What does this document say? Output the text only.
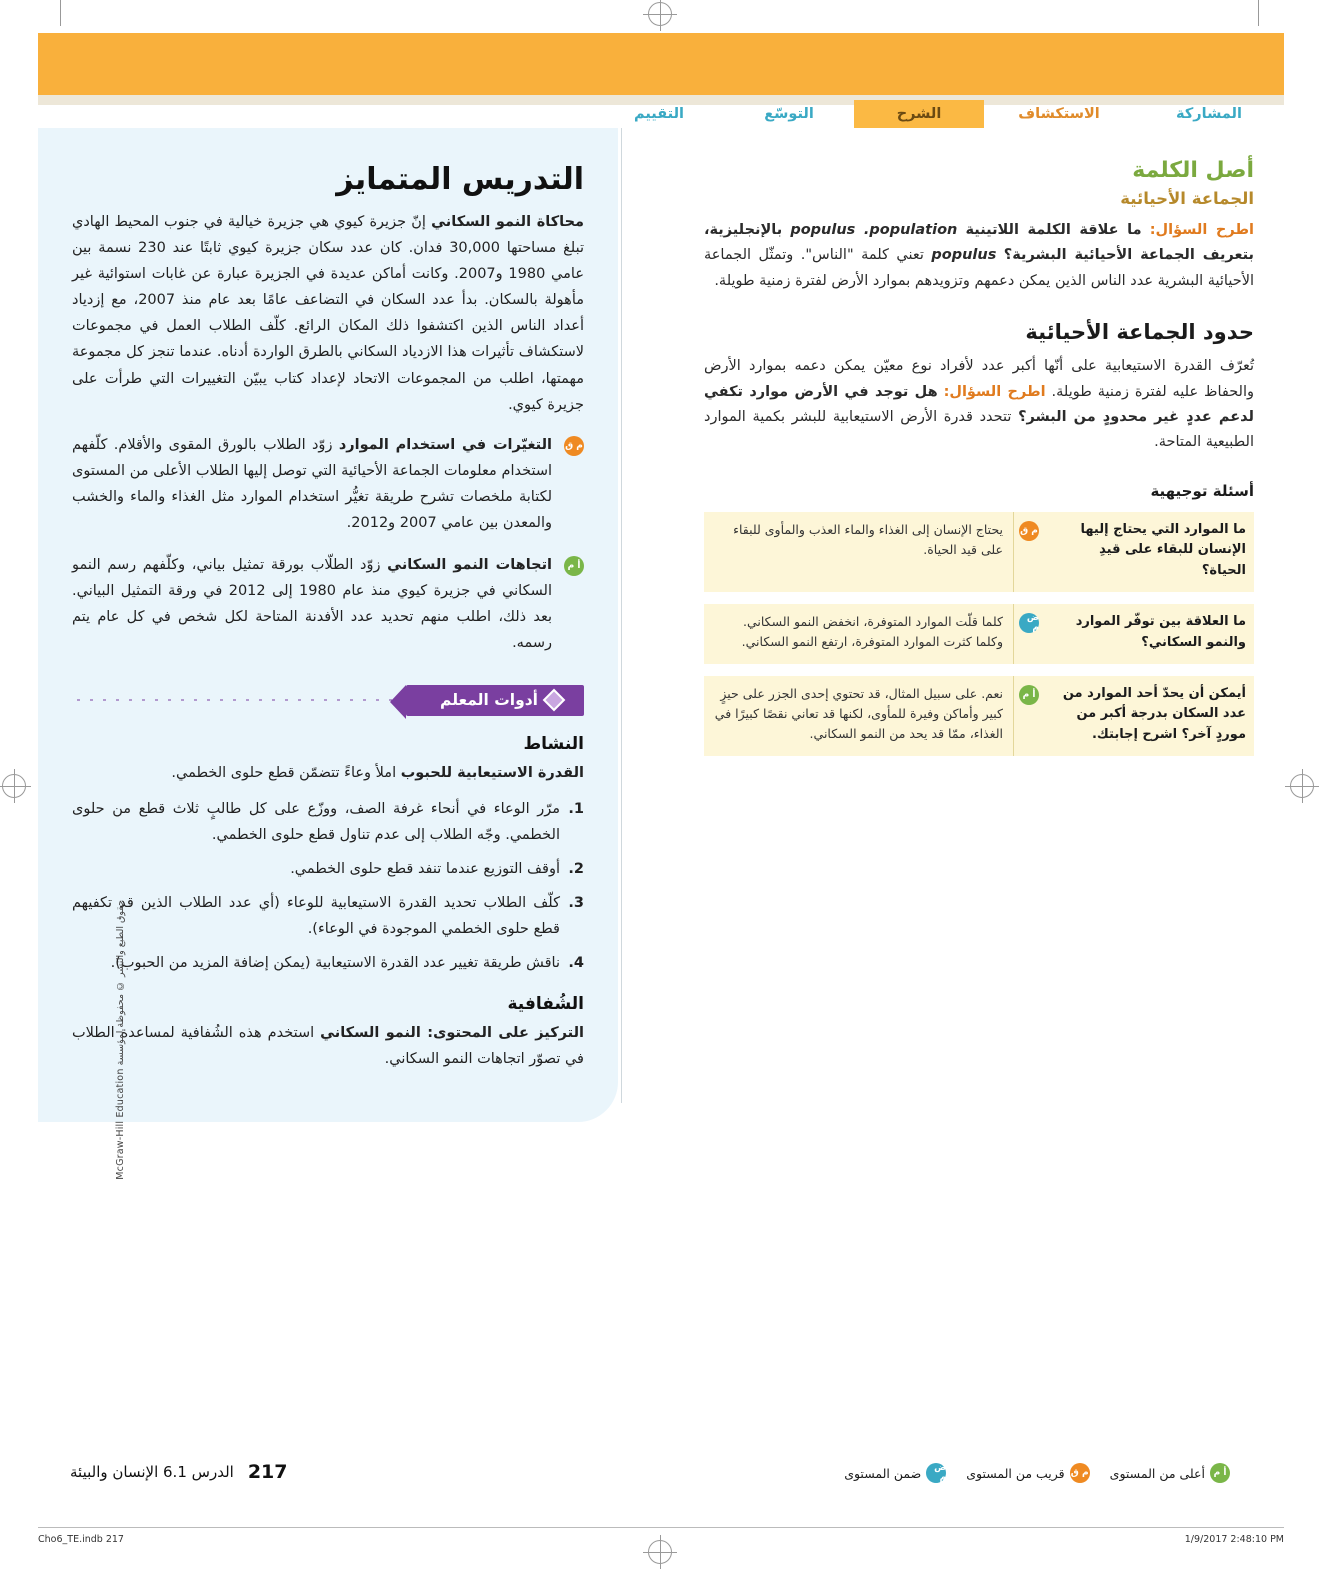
المشاركة
الاستكشاف
الشرح
التوسّع
التقييم
أصل الكلمة
الجماعة الأحيائية

اطرح السؤال: ما علاقة الكلمة اللاتينية populus .population بالإنجليزية، بتعريف الجماعة الأحيائية البشرية؟ populus تعني كلمة "الناس". وتمثّل الجماعة الأحيائية البشرية عدد الناس الذين يمكن دعمهم وتزويدهم بموارد الأرض لفترة زمنية طويلة.

حدود الجماعة الأحيائية

تُعرّف القدرة الاستيعابية على أنّها أكبر عدد لأفراد نوع معيّن يمكن دعمه بموارد الأرض والحفاظ عليه لفترة زمنية طويلة. اطرح السؤال: هل توجد في الأرض موارد تكفي لدعم عددٍ غير محدودٍ من البشر؟ تتحدد قدرة الأرض الاستيعابية للبشر بكمية الموارد الطبيعية المتاحة.

أسئلة توجيهية
ما الموارد التي يحتاج إليها الإنسان للبقاء على قيدِ الحياة؟
م ق
يحتاج الإنسان إلى الغذاء والماء العذب والمأوى للبقاء على قيد الحياة.
ما العلاقة بين توفّر الموارد والنمو السكاني؟
ض م
كلما قلّت الموارد المتوفرة، انخفض النمو السكاني. وكلما كثرت الموارد المتوفرة، ارتفع النمو السكاني.
أيمكن أن يحدّ أحد الموارد من عدد السكان بدرجة أكبر من موردٍ آخر؟ اشرح إجابتك.
أ م
نعم. على سبيل المثال، قد تحتوي إحدى الجزر على حيزٍ كبير وأماكن وفيرة للمأوى، لكنها قد تعاني نقصًا كبيرًا في الغذاء، ممّا قد يحد من النمو السكاني.
التدريس المتمايز

محاكاة النمو السكاني إنّ جزيرة كيوي هي جزيرة خيالية في جنوب المحيط الهادي تبلغ مساحتها 30,000 فدان. كان عدد سكان جزيرة كيوي ثابتًا عند 230 نسمة بين عامي 1980 و2007. وكانت أماكن عديدة في الجزيرة عبارة عن غابات استوائية غير مأهولة بالسكان. بدأ عدد السكان في التضاعف عامًا بعد عام منذ 2007، مع إزدياد أعداد الناس الذين اكتشفوا ذلك المكان الرائع. كلّف الطلاب العمل في مجموعات لاستكشاف تأثيرات هذا الازدياد السكاني بالطرق الواردة أدناه. عندما تنجز كل مجموعة مهمتها، اطلب من المجموعات الاتحاد لإعداد كتاب يبيّن التغييرات التي طرأت على جزيرة كيوي.

م ق
التغيّرات في استخدام الموارد زوّد الطلاب بالورق المقوى والأقلام. كلّفهم استخدام معلومات الجماعة الأحيائية التي توصل إليها الطلاب الأعلى من المستوى لكتابة ملخصات تشرح طريقة تغيُّر استخدام الموارد مثل الغذاء والماء والخشب والمعدن بين عامي 2007 و2012.

أ م
اتجاهات النمو السكاني زوّد الطلّاب بورقة تمثيل بياني، وكلّفهم رسم النمو السكاني في جزيرة كيوي منذ عام 1980 إلى 2012 في ورقة التمثيل البياني. بعد ذلك، اطلب منهم تحديد عدد الأفدنة المتاحة لكل شخص في كل عام يتم رسمه.

أدوات المعلم
النشاط

القدرة الاستيعابية للحبوب املأ وعاءً تتضمّن قطع حلوى الخطمي.

1.
مرّر الوعاء في أنحاء غرفة الصف، ووزّع على كل طالبٍ ثلاث قطع من حلوى الخطمي. وجّه الطلاب إلى عدم تناول قطع حلوى الخطمي.
2.
أوقف التوزيع عندما تنفد قطع حلوى الخطمي.
3.
كلّف الطلاب تحديد القدرة الاستيعابية للوعاء (أي عدد الطلاب الذين قد تكفيهم قطع حلوى الخطمي الموجودة في الوعاء).
4.
ناقش طريقة تغيير عدد القدرة الاستيعابية (يمكن إضافة المزيد من الحبوب).
الشُفافية

التركيز على المحتوى: النمو السكاني استخدم هذه الشُفافية لمساعدة الطلاب في تصوّر اتجاهات النمو السكاني.

حقوق الطبع والنشر © محفوظة لمؤسسة McGraw-Hill Education
217
الدرس 6.1 الإنسان والبيئة	أ م
أعلى من المستوى
م ق
قريب من المستوى
ض م
ضمن المستوى
Cho6_TE.indb 217	1/9/2017 2:48:10 PM
